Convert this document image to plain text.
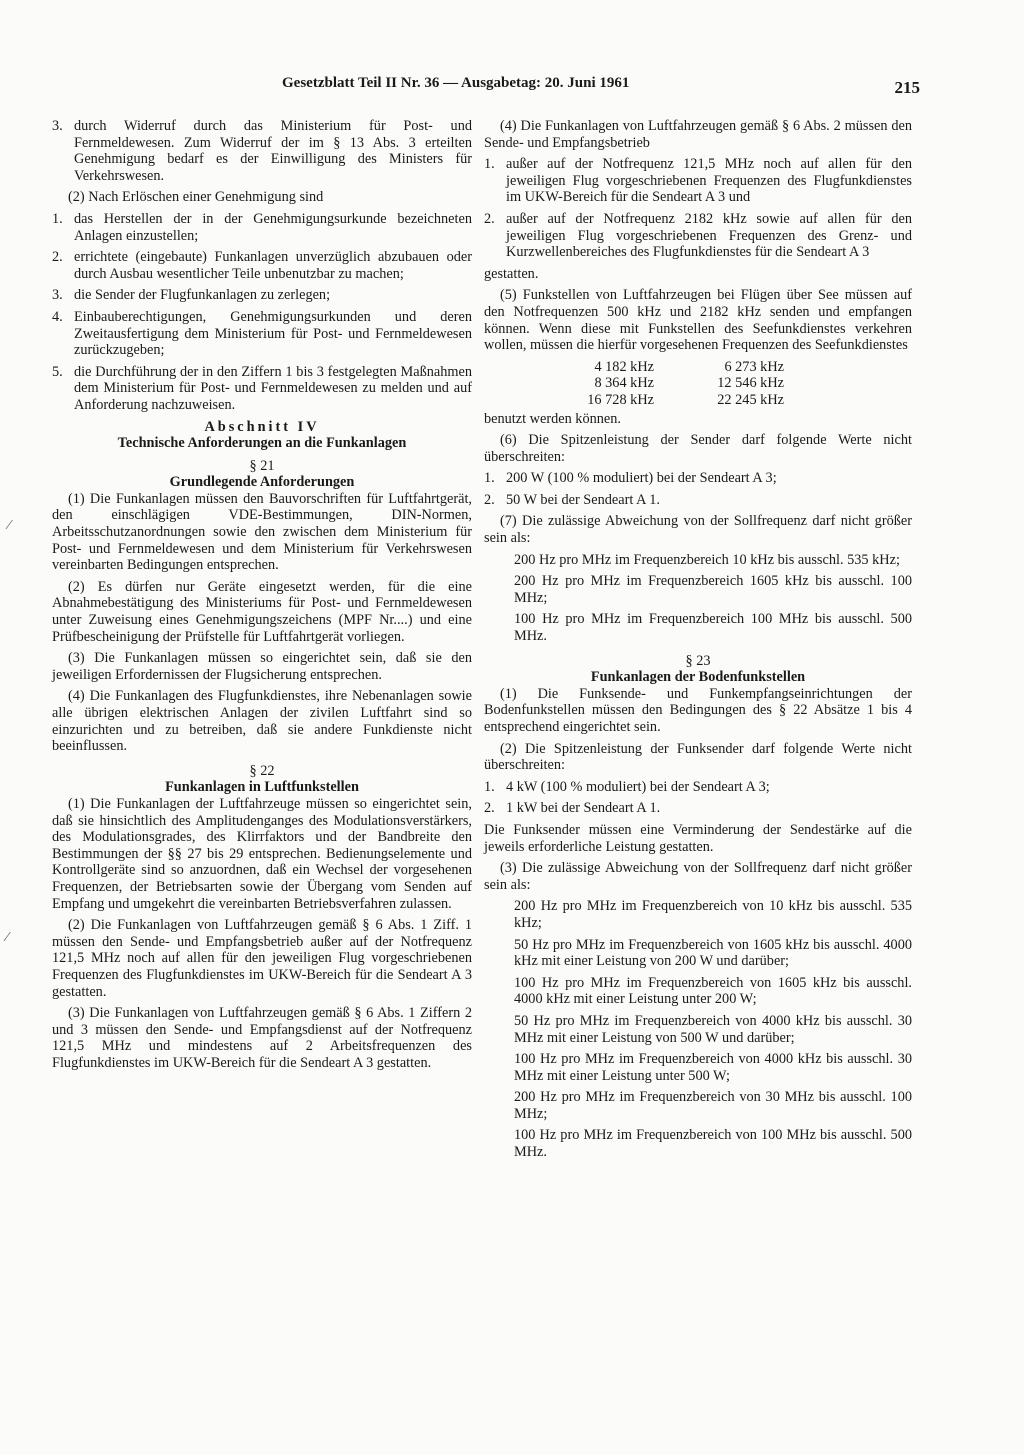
Gesetzblatt Teil II Nr. 36 — Ausgabetag: 20. Juni 1961	215
⁄
⁄
3. durch Widerruf durch das Ministerium für Post- und Fernmeldewesen. Zum Widerruf der im § 13 Abs. 3 erteilten Genehmigung bedarf es der Einwilligung des Ministers für Verkehrswesen.

(2) Nach Erlöschen einer Genehmigung sind

1. das Herstellen der in der Genehmigungsurkunde bezeichneten Anlagen einzustellen;
2. errichtete (eingebaute) Funkanlagen unverzüglich abzubauen oder durch Ausbau wesentlicher Teile unbenutzbar zu machen;
3. die Sender der Flugfunkanlagen zu zerlegen;
4. Einbauberechtigungen, Genehmigungsurkunden und deren Zweitausfertigung dem Ministerium für Post- und Fernmeldewesen zurückzugeben;
5. die Durchführung der in den Ziffern 1 bis 3 festgelegten Maßnahmen dem Ministerium für Post- und Fernmeldewesen zu melden und auf Anforderung nachzuweisen.

Abschnitt IV

Technische Anforderungen an die Funkanlagen

§ 21

Grundlegende Anforderungen

(1) Die Funkanlagen müssen den Bauvorschriften für Luftfahrtgerät, den einschlägigen VDE-Bestimmungen, DIN-Normen, Arbeitsschutzanordnungen sowie den zwischen dem Ministerium für Post- und Fernmeldewesen und dem Ministerium für Verkehrswesen vereinbarten Bedingungen entsprechen.

(2) Es dürfen nur Geräte eingesetzt werden, für die eine Abnahmebestätigung des Ministeriums für Post- und Fernmeldewesen unter Zuweisung eines Genehmigungszeichens (MPF Nr....) und eine Prüfbescheinigung der Prüfstelle für Luftfahrtgerät vorliegen.

(3) Die Funkanlagen müssen so eingerichtet sein, daß sie den jeweiligen Erfordernissen der Flugsicherung entsprechen.

(4) Die Funkanlagen des Flugfunkdienstes, ihre Nebenanlagen sowie alle übrigen elektrischen Anlagen der zivilen Luftfahrt sind so einzurichten und zu betreiben, daß sie andere Funkdienste nicht beeinflussen.

§ 22

Funkanlagen in Luftfunkstellen

(1) Die Funkanlagen der Luftfahrzeuge müssen so eingerichtet sein, daß sie hinsichtlich des Amplitudenganges des Modulationsverstärkers, des Modulationsgrades, des Klirrfaktors und der Bandbreite den Bestimmungen der §§ 27 bis 29 entsprechen. Bedienungselemente und Kontrollgeräte sind so anzuordnen, daß ein Wechsel der vorgesehenen Frequenzen, der Betriebsarten sowie der Übergang vom Senden auf Empfang und umgekehrt die vereinbarten Betriebsverfahren zulassen.

(2) Die Funkanlagen von Luftfahrzeugen gemäß § 6 Abs. 1 Ziff. 1 müssen den Sende- und Empfangsbetrieb außer auf der Notfrequenz 121,5 MHz noch auf allen für den jeweiligen Flug vorgeschriebenen Frequenzen des Flugfunkdienstes im UKW-Bereich für die Sendeart A 3 gestatten.

(3) Die Funkanlagen von Luftfahrzeugen gemäß § 6 Abs. 1 Ziffern 2 und 3 müssen den Sende- und Empfangsdienst auf der Notfrequenz 121,5 MHz und mindestens auf 2 Arbeitsfrequenzen des Flugfunkdienstes im UKW-Bereich für die Sendeart A 3 gestatten.

(4) Die Funkanlagen von Luftfahrzeugen gemäß § 6 Abs. 2 müssen den Sende- und Empfangsbetrieb

1. außer auf der Notfrequenz 121,5 MHz noch auf allen für den jeweiligen Flug vorgeschriebenen Frequenzen des Flugfunkdienstes im UKW-Bereich für die Sendeart A 3 und
2. außer auf der Notfrequenz 2182 kHz sowie auf allen für den jeweiligen Flug vorgeschriebenen Frequenzen des Grenz- und Kurzwellenbereiches des Flugfunkdienstes für die Sendeart A 3

gestatten.

(5) Funkstellen von Luftfahrzeugen bei Flügen über See müssen auf den Notfrequenzen 500 kHz und 2182 kHz senden und empfangen können. Wenn diese mit Funkstellen des Seefunkdienstes verkehren wollen, müssen die hierfür vorgesehenen Frequenzen des Seefunkdienstes

4 182 kHz	6 273 kHz
8 364 kHz	12 546 kHz
16 728 kHz	22 245 kHz

benutzt werden können.

(6) Die Spitzenleistung der Sender darf folgende Werte nicht überschreiten:

1. 200 W (100 % moduliert) bei der Sendeart A 3;
2. 50 W bei der Sendeart A 1.

(7) Die zulässige Abweichung von der Sollfrequenz darf nicht größer sein als:

200 Hz pro MHz im Frequenzbereich 10 kHz bis ausschl. 535 kHz;

200 Hz pro MHz im Frequenzbereich 1605 kHz bis ausschl. 100 MHz;

100 Hz pro MHz im Frequenzbereich 100 MHz bis ausschl. 500 MHz.

§ 23

Funkanlagen der Bodenfunkstellen

(1) Die Funksende- und Funkempfangseinrichtungen der Bodenfunkstellen müssen den Bedingungen des § 22 Absätze 1 bis 4 entsprechend eingerichtet sein.

(2) Die Spitzenleistung der Funksender darf folgende Werte nicht überschreiten:

1. 4 kW (100 % moduliert) bei der Sendeart A 3;
2. 1 kW bei der Sendeart A 1.

Die Funksender müssen eine Verminderung der Sendestärke auf die jeweils erforderliche Leistung gestatten.

(3) Die zulässige Abweichung von der Sollfrequenz darf nicht größer sein als:

200 Hz pro MHz im Frequenzbereich von 10 kHz bis ausschl. 535 kHz;

50 Hz pro MHz im Frequenzbereich von 1605 kHz bis ausschl. 4000 kHz mit einer Leistung von 200 W und darüber;

100 Hz pro MHz im Frequenzbereich von 1605 kHz bis ausschl. 4000 kHz mit einer Leistung unter 200 W;

50 Hz pro MHz im Frequenzbereich von 4000 kHz bis ausschl. 30 MHz mit einer Leistung von 500 W und darüber;

100 Hz pro MHz im Frequenzbereich von 4000 kHz bis ausschl. 30 MHz mit einer Leistung unter 500 W;

200 Hz pro MHz im Frequenzbereich von 30 MHz bis ausschl. 100 MHz;

100 Hz pro MHz im Frequenzbereich von 100 MHz bis ausschl. 500 MHz.
